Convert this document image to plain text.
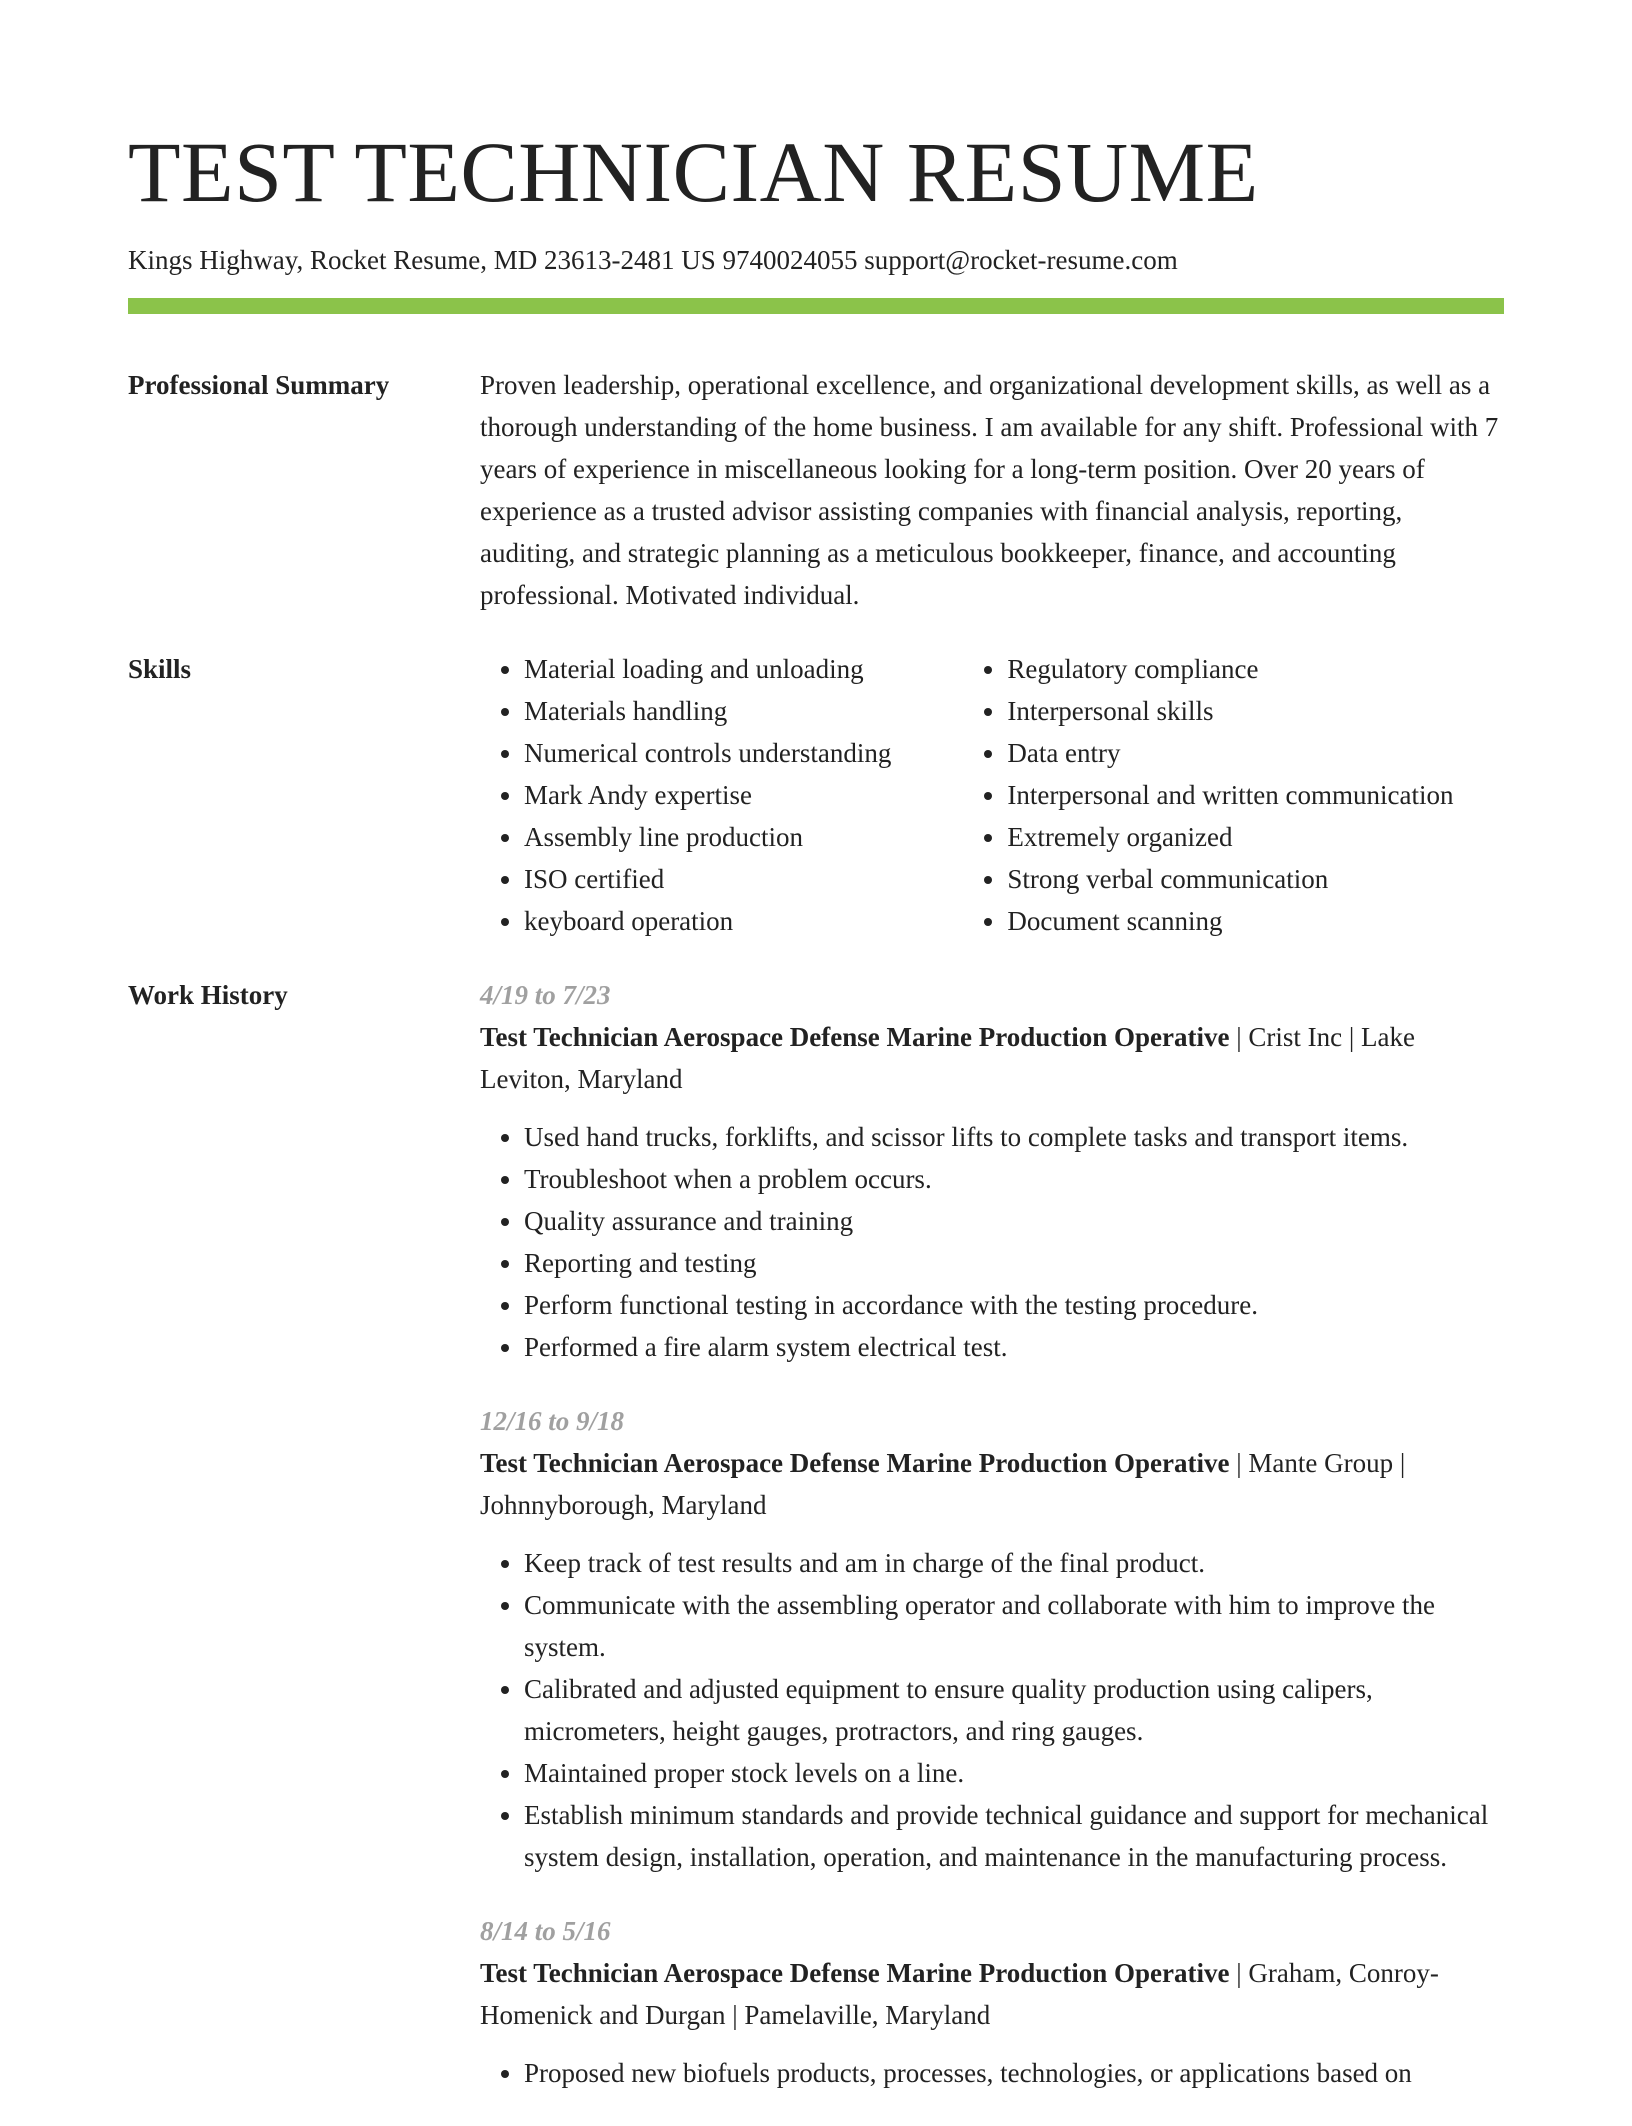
TEST TECHNICIAN RESUME
Kings Highway, Rocket Resume, MD 23613-2481 US 9740024055 support@rocket-resume.com
Professional Summary	Proven leadership, operational excellence, and organizational development skills, as well as a thorough understanding of the home business. I am available for any shift. Professional with 7 years of experience in miscellaneous looking for a long-term position. Over 20 years of experience as a trusted advisor assisting companies with financial analysis, reporting, auditing, and strategic planning as a meticulous bookkeeper, finance, and accounting professional. Motivated individual.

Skills
•	Material loading and unloading
• Materials handling
• Numerical controls understanding
• Mark Andy expertise
• Assembly line production
• ISO certified
• keyboard operation
• Regulatory compliance
• Interpersonal skills
• Data entry
• Interpersonal and written communication
• Extremely organized
• Strong verbal communication
• Document scanning
Work History	4/19 to 7/23

Test Technician Aerospace Defense Marine Production Operative | Crist Inc | Lake Leviton, Maryland

• Used hand trucks, forklifts, and scissor lifts to complete tasks and transport items.
• Troubleshoot when a problem occurs.
• Quality assurance and training
• Reporting and testing
• Perform functional testing in accordance with the testing procedure.
• Performed a fire alarm system electrical test.
12/16 to 9/18

Test Technician Aerospace Defense Marine Production Operative | Mante Group | Johnnyborough, Maryland

• Keep track of test results and am in charge of the final product.
• Communicate with the assembling operator and collaborate with him to improve the system.
• Calibrated and adjusted equipment to ensure quality production using calipers, micrometers, height gauges, protractors, and ring gauges.
• Maintained proper stock levels on a line.
• Establish minimum standards and provide technical guidance and support for mechanical system design, installation, operation, and maintenance in the manufacturing process.
8/14 to 5/16

Test Technician Aerospace Defense Marine Production Operative | Graham, Conroy-Homenick and Durgan | Pamelaville, Maryland

• Proposed new biofuels products, processes, technologies, or applications based on
